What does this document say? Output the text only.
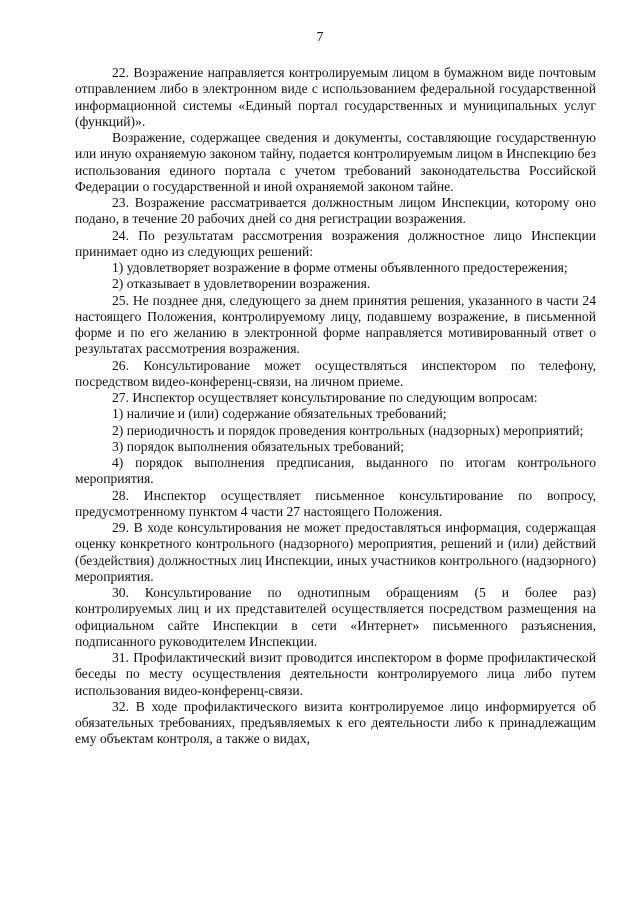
7

22. Возражение направляется контролируемым лицом в бумажном виде почтовым отправлением либо в электронном виде с использованием федеральной государственной информационной системы «Единый портал государственных и муниципальных услуг (функций)».

Возражение, содержащее сведения и документы, составляющие государственную или иную охраняемую законом тайну, подается контролируемым лицом в Инспекцию без использования единого портала с учетом требований законодательства Российской Федерации о государственной и иной охраняемой законом тайне.

23. Возражение рассматривается должностным лицом Инспекции, которому оно подано, в течение 20 рабочих дней со дня регистрации возражения.

24. По результатам рассмотрения возражения должностное лицо Инспекции принимает одно из следующих решений:

1) удовлетворяет возражение в форме отмены объявленного предостережения;

2) отказывает в удовлетворении возражения.

25. Не позднее дня, следующего за днем принятия решения, указанного в части 24 настоящего Положения, контролируемому лицу, подавшему возражение, в письменной форме и по его желанию в электронной форме направляется мотивированный ответ о результатах рассмотрения возражения.

26. Консультирование может осуществляться инспектором по телефону, посредством видео-конференц-связи, на личном приеме.

27. Инспектор осуществляет консультирование по следующим вопросам:

1) наличие и (или) содержание обязательных требований;

2) периодичность и порядок проведения контрольных (надзорных) мероприятий;

3) порядок выполнения обязательных требований;

4) порядок выполнения предписания, выданного по итогам контрольного мероприятия.

28. Инспектор осуществляет письменное консультирование по вопросу, предусмотренному пунктом 4 части 27 настоящего Положения.

29. В ходе консультирования не может предоставляться информация, содержащая оценку конкретного контрольного (надзорного) мероприятия, решений и (или) действий (бездействия) должностных лиц Инспекции, иных участников контрольного (надзорного) мероприятия.

30. Консультирование по однотипным обращениям (5 и более раз) контролируемых лиц и их представителей осуществляется посредством размещения на официальном сайте Инспекции в сети «Интернет» письменного разъяснения, подписанного руководителем Инспекции.

31. Профилактический визит проводится инспектором в форме профилактической беседы по месту осуществления деятельности контролируемого лица либо путем использования видео-конференц-связи.

32. В ходе профилактического визита контролируемое лицо информируется об обязательных требованиях, предъявляемых к его деятельности либо к принадлежащим ему объектам контроля, а также о видах,
